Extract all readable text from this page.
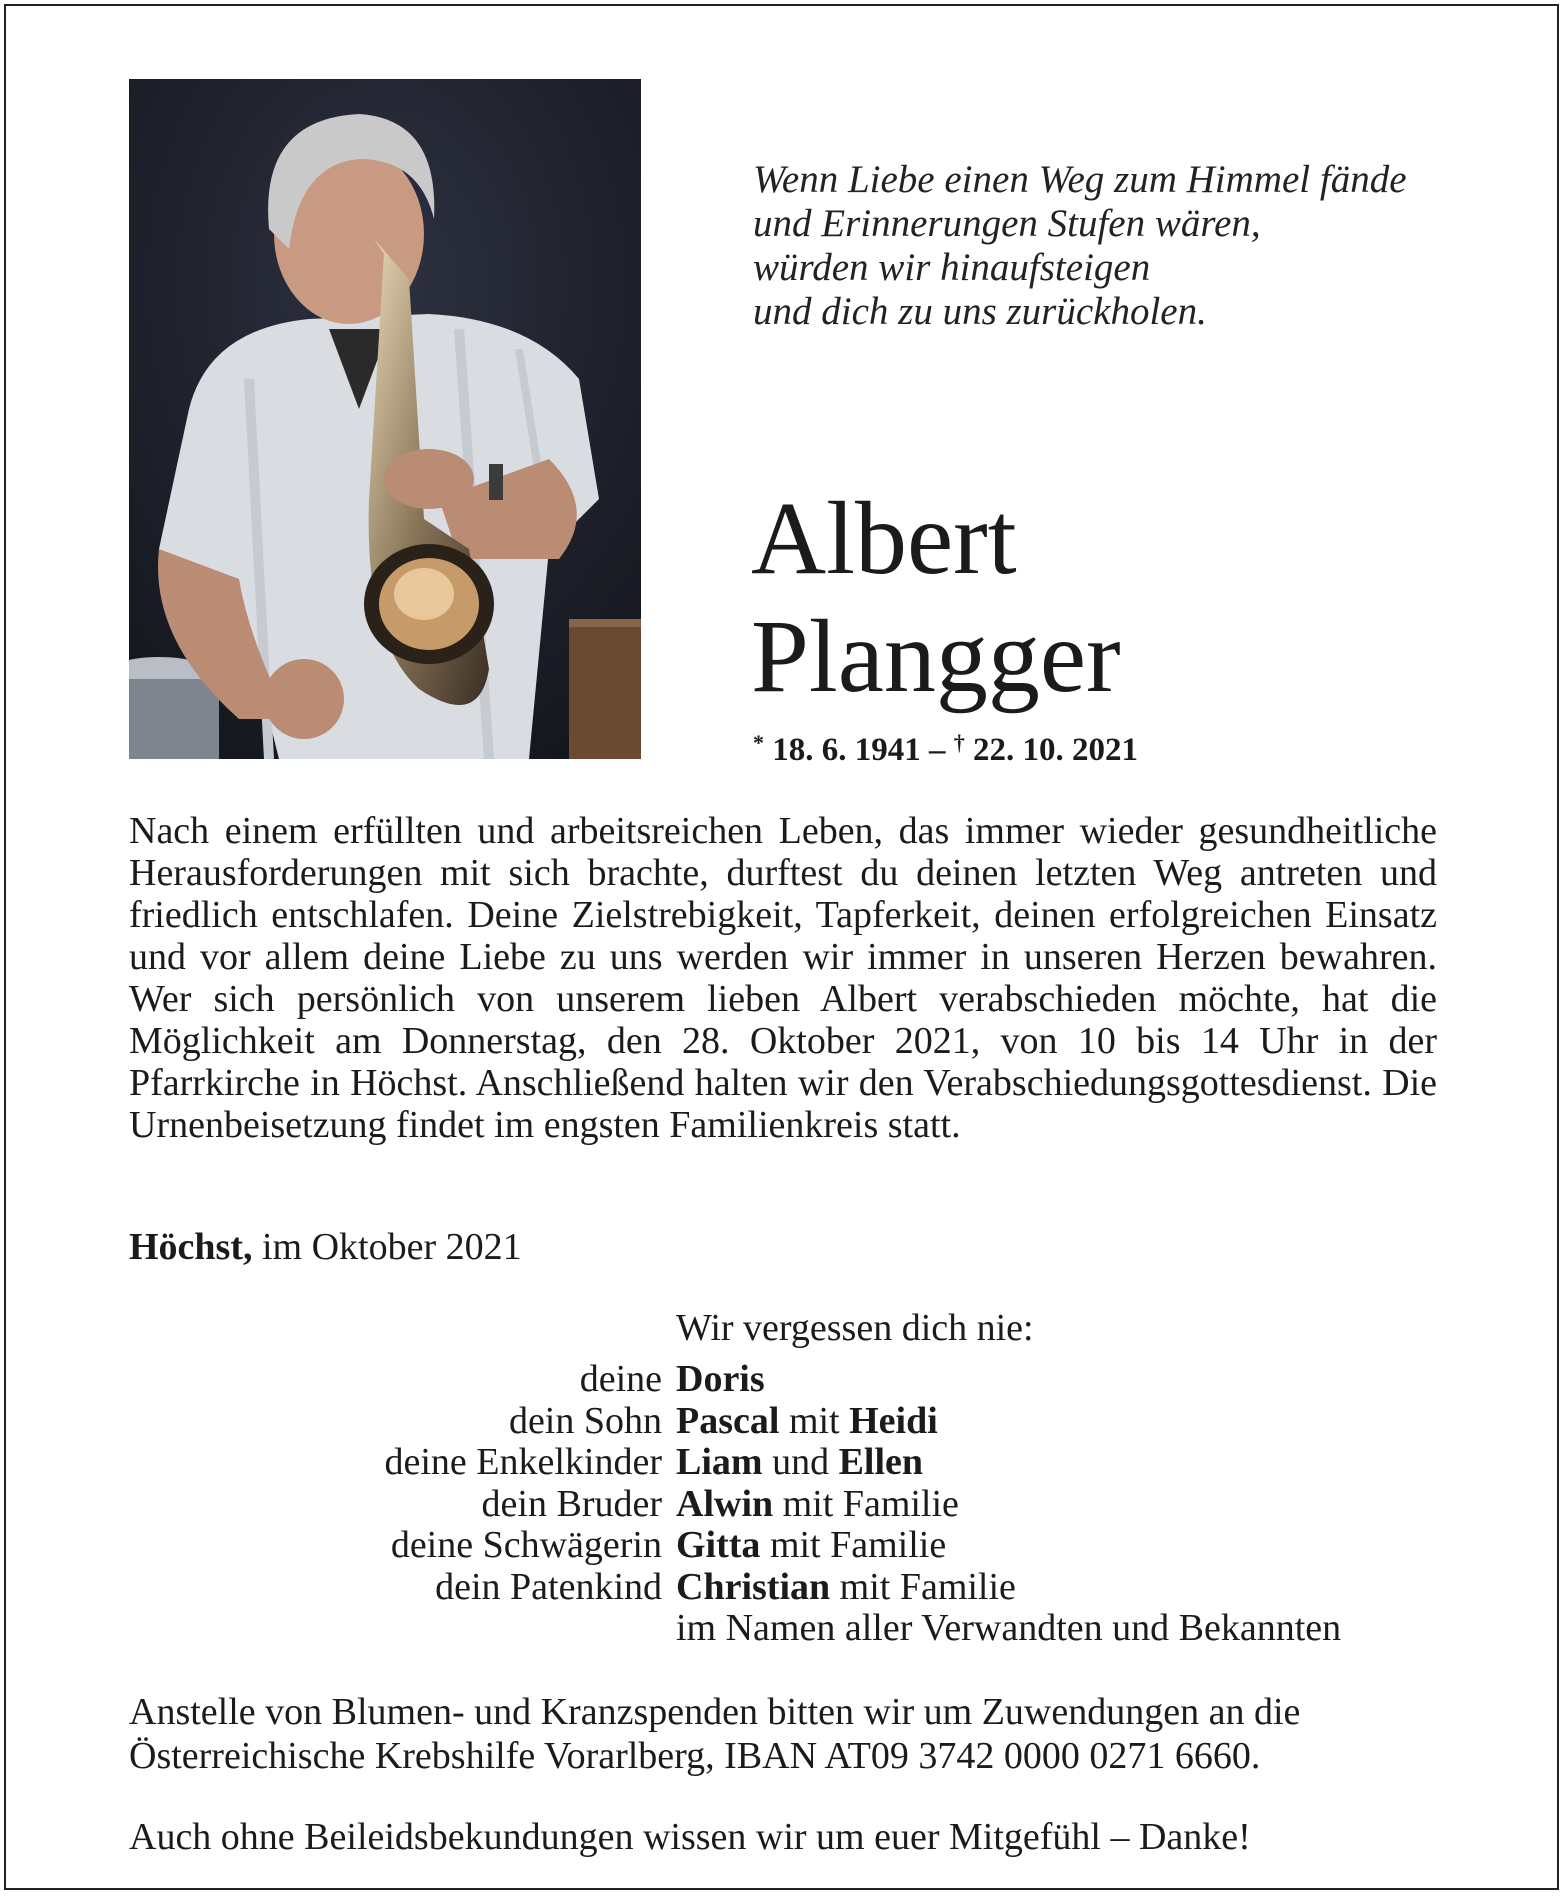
Wenn Liebe einen Weg zum Himmel fände
und Erinnerungen Stufen wären,
würden wir hinaufsteigen
und dich zu uns zurückholen.
Albert
Plangger
* 18. 6. 1941 – † 22. 10. 2021
Nach einem erfüllten und arbeitsreichen Leben, das immer wieder gesundheitliche Herausforderungen mit sich brachte, durftest du deinen letzten Weg antreten und friedlich entschlafen. Deine Zielstrebigkeit, Tapferkeit, deinen erfolgreichen Einsatz und vor allem deine Liebe zu uns werden wir immer in unseren Herzen bewahren. Wer sich persönlich von unserem lieben Albert verabschieden möchte, hat die Möglichkeit am Donnerstag, den 28. Oktober 2021, von 10 bis 14 Uhr in der Pfarrkirche in Höchst. Anschließend halten wir den Verabschiedungsgottesdienst. Die Urnenbeisetzung findet im engsten Familienkreis statt.
Höchst, im Oktober 2021
Wir vergessen dich nie:
deine Doris
dein Sohn Pascal mit Heidi
deine Enkelkinder Liam und Ellen
dein Bruder Alwin mit Familie
deine Schwägerin Gitta mit Familie
dein Patenkind Christian mit Familie
im Namen aller Verwandten und Bekannten
Anstelle von Blumen- und Kranzspenden bitten wir um Zuwendungen an die
Österreichische Krebshilfe Vorarlberg, IBAN AT09 3742 0000 0271 6660.
Auch ohne Beileidsbekundungen wissen wir um euer Mitgefühl – Danke!
